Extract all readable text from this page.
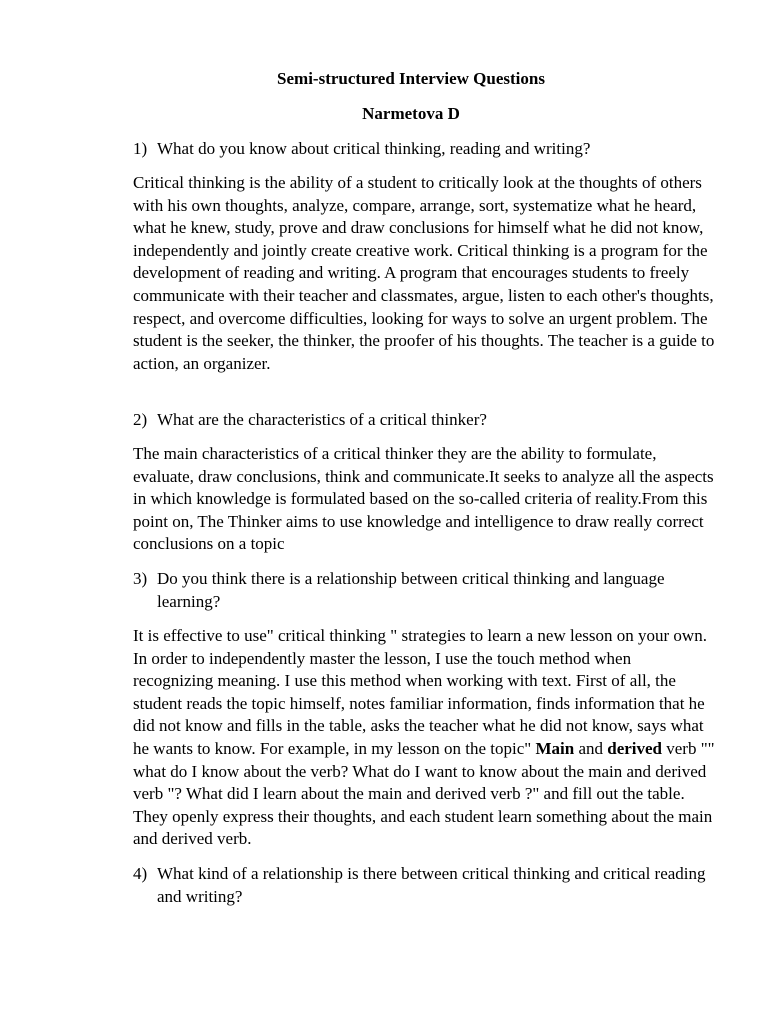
Semi-structured Interview Questions

Narmetova D

1) What do you know about critical thinking, reading and writing?

Critical thinking is the ability of a student to critically look at the thoughts of others with his own thoughts, analyze, compare, arrange, sort, systematize what he heard, what he knew, study, prove and draw conclusions for himself what he did not know, independently and jointly create creative work. Critical thinking is a program for the development of reading and writing. A program that encourages students to freely communicate with their teacher and classmates, argue, listen to each other's thoughts, respect, and overcome difficulties, looking for ways to solve an urgent problem. The student is the seeker, the thinker, the proofer of his thoughts. The teacher is a guide to action, an organizer.

2) What are the characteristics of a critical thinker?

The main characteristics of a critical thinker they are the ability to formulate, evaluate, draw conclusions, think and communicate.It seeks to analyze all the aspects in which knowledge is formulated based on the so-called criteria of reality.From this point on, The Thinker aims to use knowledge and intelligence to draw really correct conclusions on a topic

3) Do you think there is a relationship between critical thinking and language learning?

It is effective to use" critical thinking " strategies to learn a new lesson on your own. In order to independently master the lesson, I use the touch method when recognizing meaning. I use this method when working with text. First of all, the student reads the topic himself, notes familiar information, finds information that he did not know and fills in the table, asks the teacher what he did not know, says what he wants to know. For example, in my lesson on the topic" Main and derived verb "" what do I know about the verb? What do I want to know about the main and derived verb "? What did I learn about the main and derived verb ?" and fill out the table. They openly express their thoughts, and each student learn something about the main and derived verb.

4) What kind of a relationship is there between critical thinking and critical reading and writing?
